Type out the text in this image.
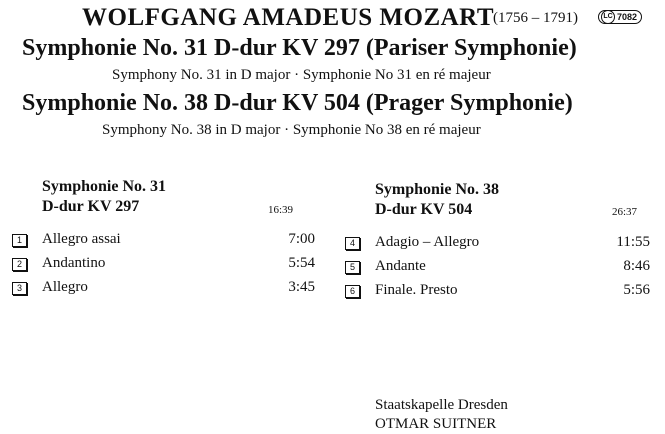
WOLFGANG AMADEUS MOZART
(1756 – 1791)	LC 7082
Symphonie No. 31 D-dur KV 297 (Pariser Symphonie)
Symphony No. 31 in D major · Symphonie No 31 en ré majeur
Symphonie No. 38 D-dur KV 504 (Prager Symphonie)
Symphony No. 38 in D major · Symphonie No 38 en ré majeur
Symphonie No. 31
D-dur KV 297	16:39
1	Allegro assai	7:00
2	Andantino	5:54
3	Allegro	3:45
Symphonie No. 38
D-dur KV 504	26:37
4	Adagio – Allegro	11:55
5	Andante	8:46
6	Finale. Presto	5:56
Staatskapelle Dresden
OTMAR SUITNER
